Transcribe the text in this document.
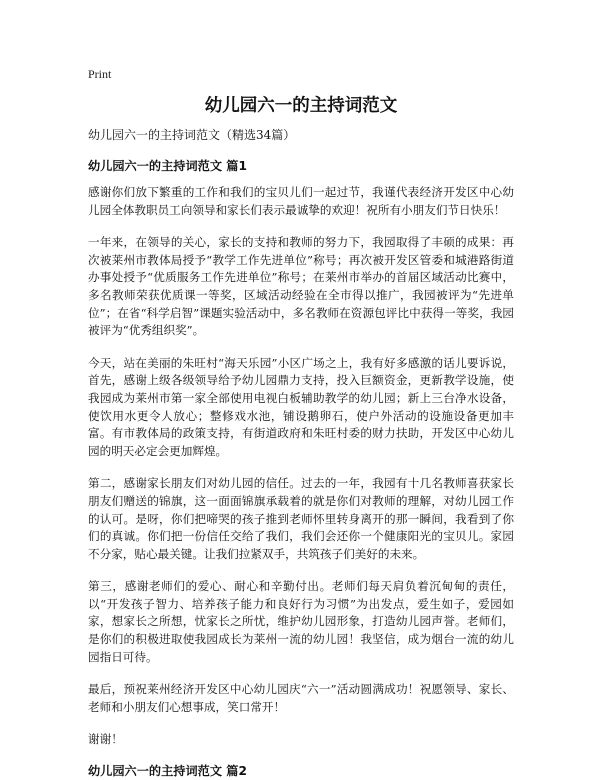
Print
幼儿园六一的主持词范文
幼儿园六一的主持词范文（精选34篇）
幼儿园六一的主持词范文 篇1

感谢你们放下繁重的工作和我们的宝贝儿们一起过节，我谨代表经济开发区中心幼儿园全体教职员工向领导和家长们表示最诚挚的欢迎！祝所有小朋友们节日快乐！

一年来，在领导的关心，家长的支持和教师的努力下，我园取得了丰硕的成果：再次被莱州市教体局授予“教学工作先进单位”称号；再次被开发区管委和城港路街道办事处授予“优质服务工作先进单位”称号；在莱州市举办的首届区域活动比赛中，多名教师荣获优质课一等奖，区域活动经验在全市得以推广，我园被评为“先进单位”；在省“科学启智”课题实验活动中，多名教师在资源包评比中获得一等奖，我园被评为“优秀组织奖”。

今天，站在美丽的朱旺村“海天乐园”小区广场之上，我有好多感激的话儿要诉说，首先，感谢上级各级领导给予幼儿园鼎力支持，投入巨额资金，更新教学设施，使我园成为莱州市第一家全部使用电视白板辅助教学的幼儿园；新上三台净水设备，使饮用水更令人放心；整修戏水池，铺设鹅卵石，使户外活动的设施设备更加丰富。有市教体局的政策支持，有街道政府和朱旺村委的财力扶助，开发区中心幼儿园的明天必定会更加辉煌。

第二，感谢家长朋友们对幼儿园的信任。过去的一年，我园有十几名教师喜获家长朋友们赠送的锦旗，这一面面锦旗承载着的就是你们对教师的理解，对幼儿园工作的认可。是呀，你们把啼哭的孩子推到老师怀里转身离开的那一瞬间，我看到了你们的真诚。你们把一份信任交给了我们，我们会还你一个健康阳光的宝贝儿。家园不分家，贴心最关键。让我们拉紧双手，共筑孩子们美好的未来。

第三，感谢老师们的爱心、耐心和辛勤付出。老师们每天肩负着沉甸甸的责任，以“开发孩子智力、培养孩子能力和良好行为习惯”为出发点，爱生如子，爱园如家，想家长之所想，忧家长之所忧，维护幼儿园形象，打造幼儿园声誉。老师们，是你们的积极进取使我园成长为莱州一流的幼儿园！我坚信，成为烟台一流的幼儿园指日可待。

最后，预祝莱州经济开发区中心幼儿园庆“六一”活动圆满成功！祝愿领导、家长、老师和小朋友们心想事成，笑口常开！

谢谢！

幼儿园六一的主持词范文 篇2
